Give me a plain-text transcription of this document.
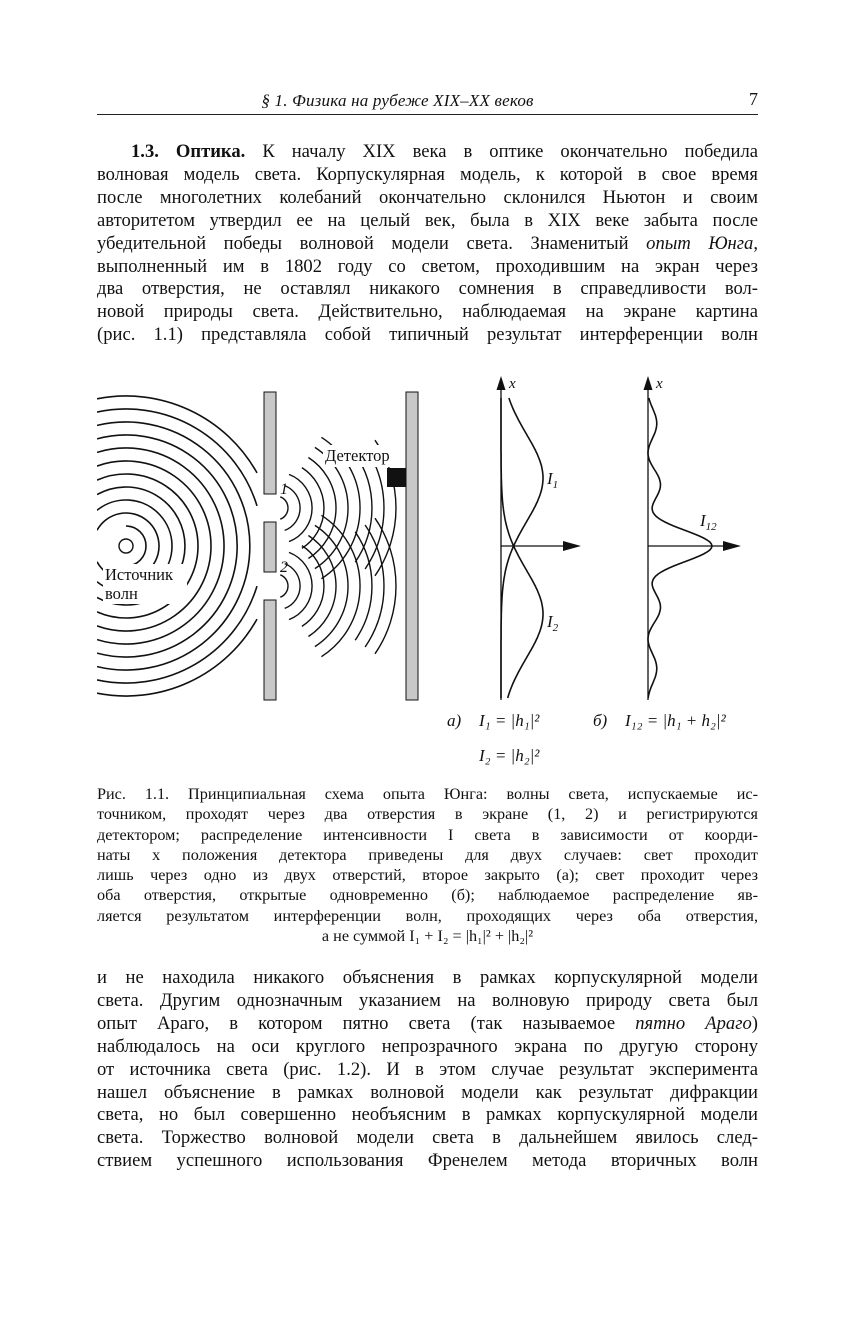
§ 1. Физика на рубеже XIX–XX веков	7
1.3. Оптика. К началу XIX века в оптике окончательно победила
волновая модель света. Корпускулярная модель, к которой в свое время
после многолетних колебаний окончательно склонился Ньютон и своим
авторитетом утвердил ее на целый век, была в XIX веке забыта после
убедительной победы волновой модели света. Знаменитый опыт Юнга,
выполненный им в 1802 году со светом, проходившим на экран через
два отверстия, не оставлял никакого сомнения в справедливости вол-
новой природы света. Действительно, наблюдаемая на экране картина
(рис. 1.1) представляла собой типичный результат интерференции волн
Детектор
Источник
волн
1
2
x
$I_1$
$I_2$
x
$I_{12}$
а) I₁ = |h₁|²
I₂ = |h₂|²
б) I₁₂ = |h₁ + h₂|²
Рис. 1.1. Принципиальная схема опыта Юнга: волны света, испускаемые ис-
точником, проходят через два отверстия в экране (1, 2) и регистрируются
детектором; распределение интенсивности I света в зависимости от коорди-
наты x положения детектора приведены для двух случаев: свет проходит
лишь через одно из двух отверстий, второе закрыто (а); свет проходит через
оба отверстия, открытые одновременно (б); наблюдаемое распределение яв-
ляется результатом интерференции волн, проходящих через оба отверстия,
а не суммой I₁ + I₂ = |h₁|² + |h₂|²
и не находила никакого объяснения в рамках корпускулярной модели
света. Другим однозначным указанием на волновую природу света был
опыт Араго, в котором пятно света (так называемое пятно Араго)
наблюдалось на оси круглого непрозрачного экрана по другую сторону
от источника света (рис. 1.2). И в этом случае результат эксперимента
нашел объяснение в рамках волновой модели как результат дифракции
света, но был совершенно необъясним в рамках корпускулярной модели
света. Торжество волновой модели света в дальнейшем явилось след-
ствием успешного использования Френелем метода вторичных волн
